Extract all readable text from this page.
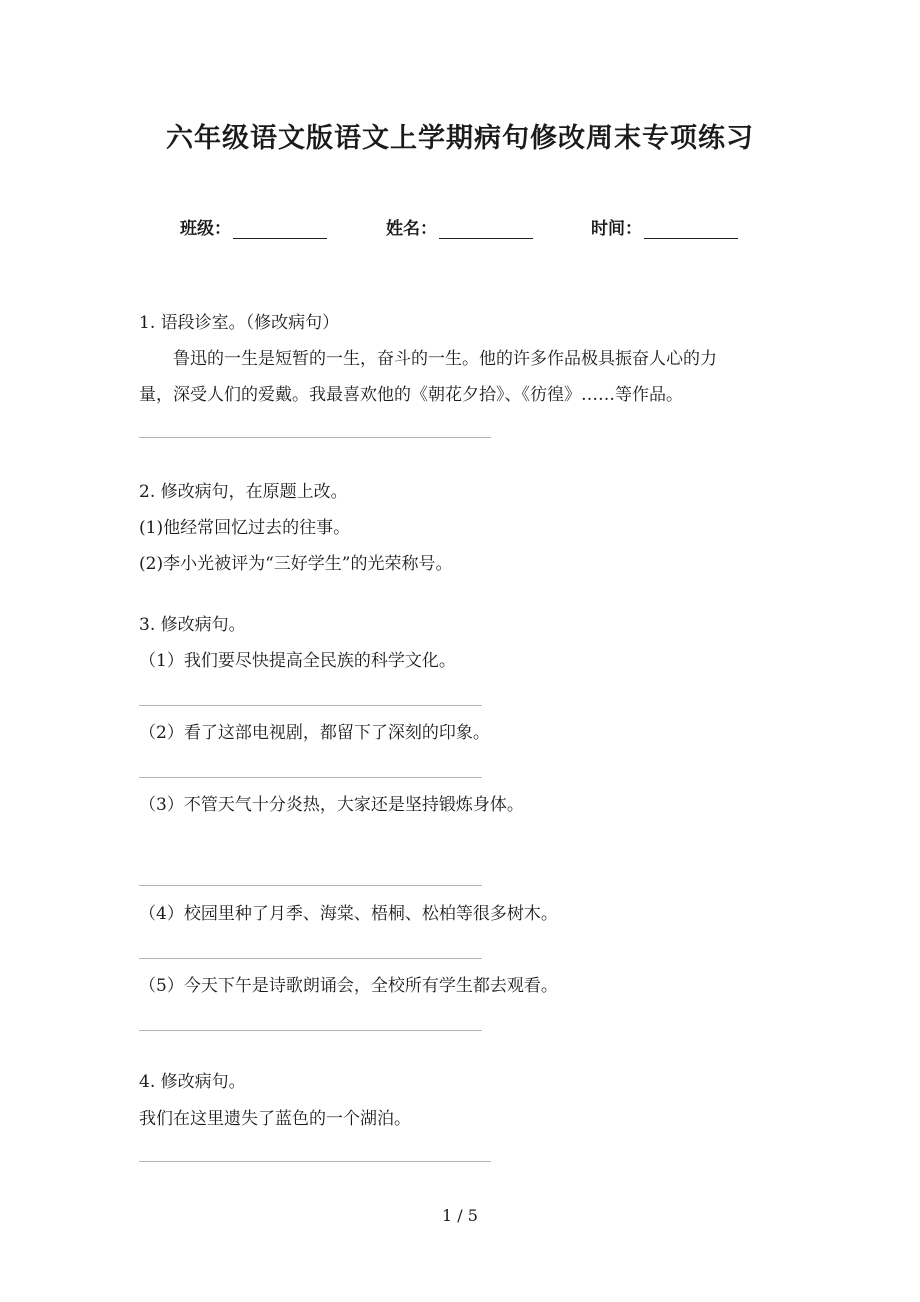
六年级语文版语文上学期病句修改周末专项练习
班级：	姓名：	时间：
1. 语段诊室。（修改病句）
鲁迅的一生是短暂的一生，奋斗的一生。他的许多作品极具振奋人心的力
量，深受人们的爱戴。我最喜欢他的《朝花夕拾》、《彷徨》……等作品。
2. 修改病句，在原题上改。
(1)他经常回忆过去的往事。
(2)李小光被评为“三好学生”的光荣称号。
3. 修改病句。
（1）我们要尽快提高全民族的科学文化。
（2）看了这部电视剧，都留下了深刻的印象。
（3）不管天气十分炎热，大家还是坚持锻炼身体。
（4）校园里种了月季、海棠、梧桐、松柏等很多树木。
（5）今天下午是诗歌朗诵会，全校所有学生都去观看。
4. 修改病句。
我们在这里遗失了蓝色的一个湖泊。
1 / 5
